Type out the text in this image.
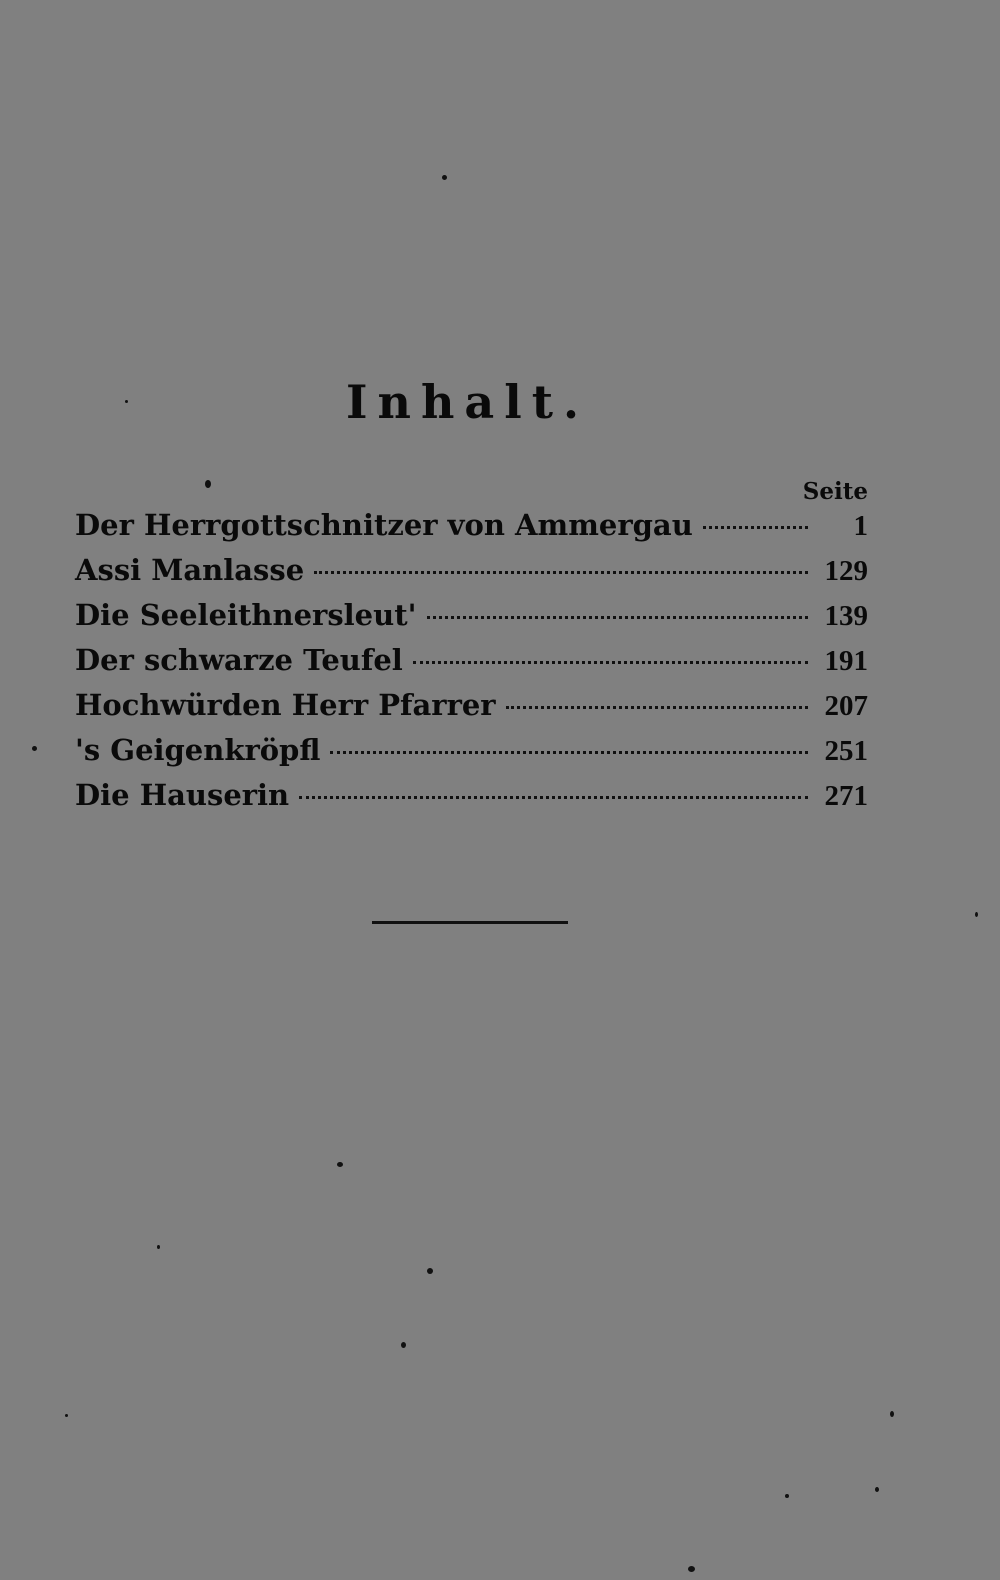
Inhalt.
Seite
Der Herrgottschnitzer von Ammergau	1
Assi Manlasse	129
Die Seeleithnersleut'	139
Der schwarze Teufel	191
Hochwürden Herr Pfarrer	207
's Geigenkröpfl	251
Die Hauserin	271
